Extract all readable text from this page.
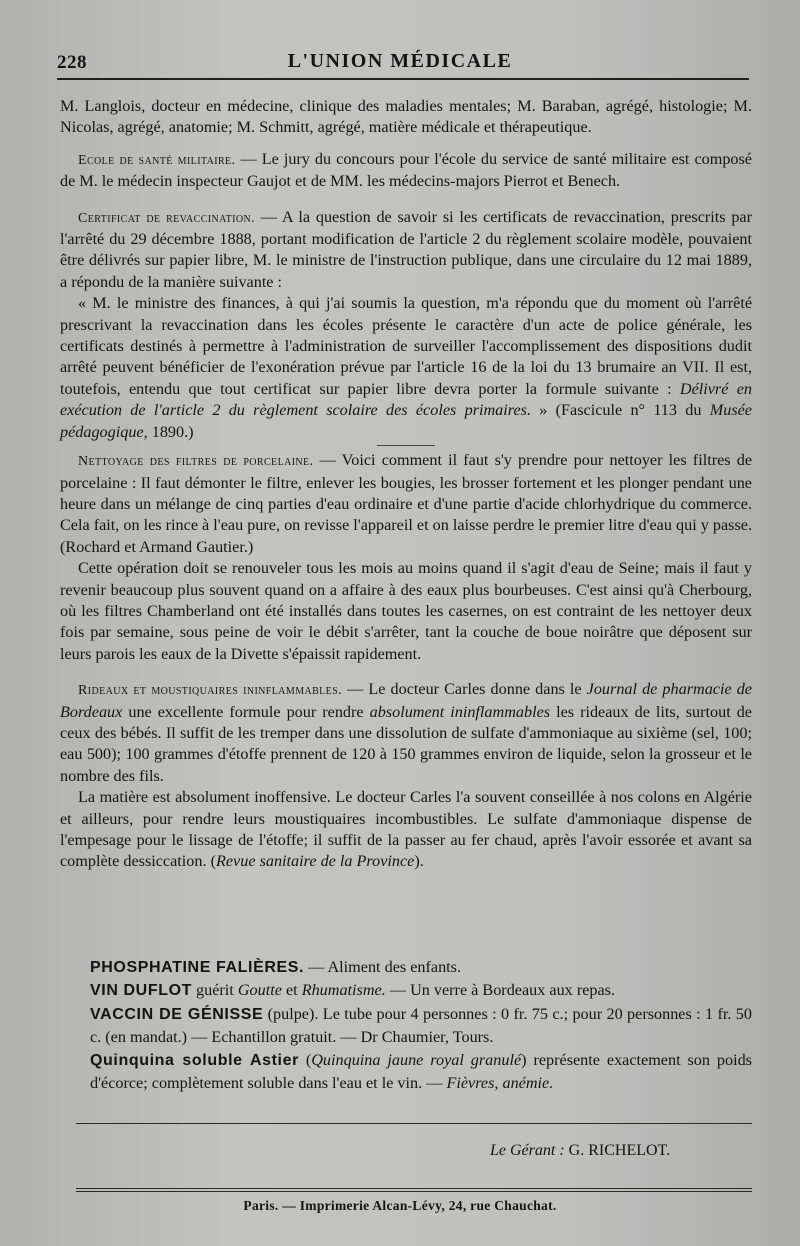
228	L'UNION MÉDICALE

M. Langlois, docteur en médecine, clinique des maladies mentales; M. Baraban, agrégé, histologie; M. Nicolas, agrégé, anatomie; M. Schmitt, agrégé, matière médicale et thérapeutique.

Ecole de santé militaire. — Le jury du concours pour l'école du service de santé militaire est composé de M. le médecin inspecteur Gaujot et de MM. les médecins-majors Pierrot et Benech.

Certificat de revaccination. — A la question de savoir si les certificats de revaccination, prescrits par l'arrêté du 29 décembre 1888, portant modification de l'article 2 du règlement scolaire modèle, pouvaient être délivrés sur papier libre, M. le ministre de l'instruction publique, dans une circulaire du 12 mai 1889, a répondu de la manière suivante :

« M. le ministre des finances, à qui j'ai soumis la question, m'a répondu que du moment où l'arrêté prescrivant la revaccination dans les écoles présente le caractère d'un acte de police générale, les certificats destinés à permettre à l'administration de surveiller l'accomplissement des dispositions dudit arrêté peuvent bénéficier de l'exonération prévue par l'article 16 de la loi du 13 brumaire an VII. Il est, toutefois, entendu que tout certificat sur papier libre devra porter la formule suivante : Délivré en exécution de l'article 2 du règlement scolaire des écoles primaires. » (Fascicule n° 113 du Musée pédagogique, 1890.)

Nettoyage des filtres de porcelaine. — Voici comment il faut s'y prendre pour nettoyer les filtres de porcelaine : Il faut démonter le filtre, enlever les bougies, les brosser fortement et les plonger pendant une heure dans un mélange de cinq parties d'eau ordinaire et d'une partie d'acide chlorhydrique du commerce. Cela fait, on les rince à l'eau pure, on revisse l'appareil et on laisse perdre le premier litre d'eau qui y passe. (Rochard et Armand Gautier.)

Cette opération doit se renouveler tous les mois au moins quand il s'agit d'eau de Seine; mais il faut y revenir beaucoup plus souvent quand on a affaire à des eaux plus bourbeuses. C'est ainsi qu'à Cherbourg, où les filtres Chamberland ont été installés dans toutes les casernes, on est contraint de les nettoyer deux fois par semaine, sous peine de voir le débit s'arrêter, tant la couche de boue noirâtre que déposent sur leurs parois les eaux de la Divette s'épaissit rapidement.

Rideaux et moustiquaires ininflammables. — Le docteur Carles donne dans le Journal de pharmacie de Bordeaux une excellente formule pour rendre absolument ininflammables les rideaux de lits, surtout de ceux des bébés. Il suffit de les tremper dans une dissolution de sulfate d'ammoniaque au sixième (sel, 100; eau 500); 100 grammes d'étoffe prennent de 120 à 150 grammes environ de liquide, selon la grosseur et le nombre des fils.

La matière est absolument inoffensive. Le docteur Carles l'a souvent conseillée à nos colons en Algérie et ailleurs, pour rendre leurs moustiquaires incombustibles. Le sulfate d'ammoniaque dispense de l'empesage pour le lissage de l'étoffe; il suffit de la passer au fer chaud, après l'avoir essorée et avant sa complète dessiccation. (Revue sanitaire de la Province).

PHOSPHATINE FALIÈRES. — Aliment des enfants.

VIN DUFLOT guérit Goutte et Rhumatisme. — Un verre à Bordeaux aux repas.

VACCIN DE GÉNISSE (pulpe). Le tube pour 4 personnes : 0 fr. 75 c.; pour 20 personnes : 1 fr. 50 c. (en mandat.) — Echantillon gratuit. — Dr Chaumier, Tours.

Quinquina soluble Astier (Quinquina jaune royal granulé) représente exactement son poids d'écorce; complètement soluble dans l'eau et le vin. — Fièvres, anémie.

Le Gérant : G. RICHELOT.
Paris. — Imprimerie Alcan-Lévy, 24, rue Chauchat.
